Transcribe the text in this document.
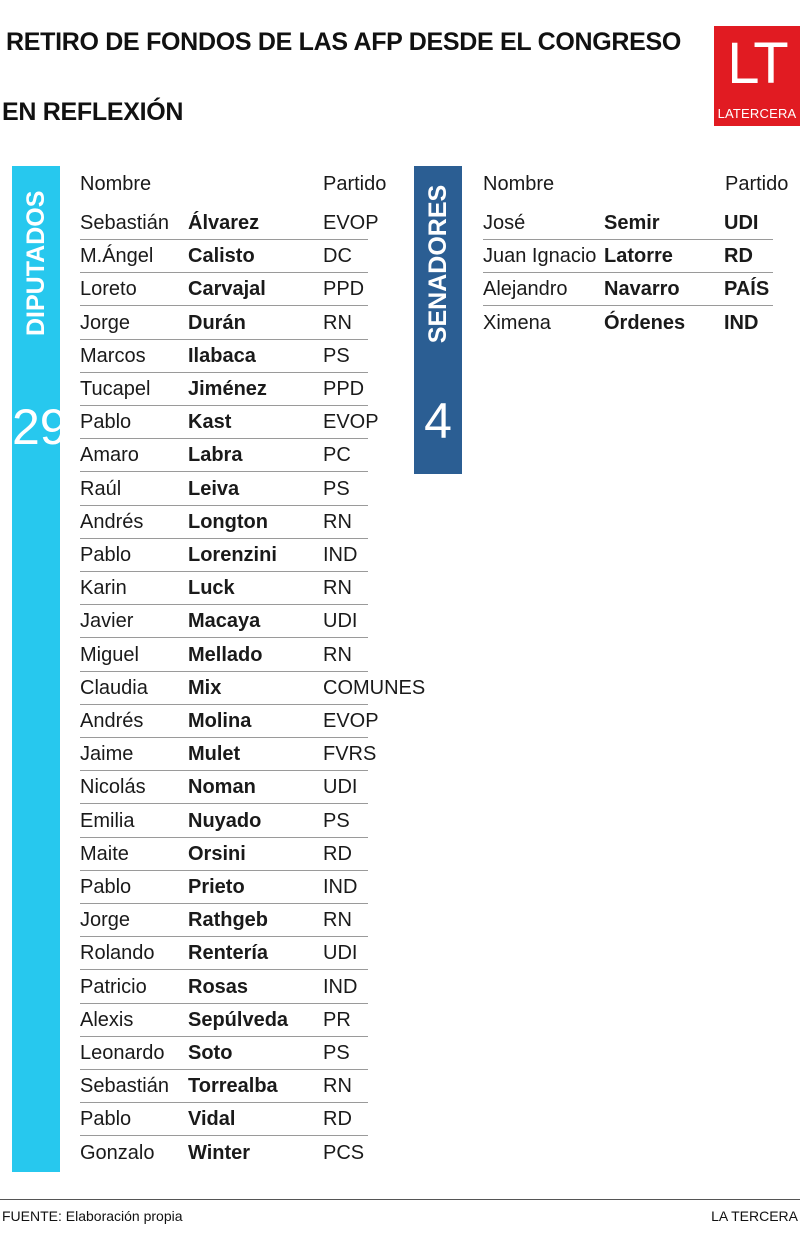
RETIRO DE FONDOS DE LAS AFP DESDE EL CONGRESO
EN REFLEXIÓN
LT
LATERCERA
DIPUTADOS
29
Nombre	Partido
Sebastián Álvarez	EVOP
M.Ángel Calisto	DC
Loreto	Carvajal	PPD
Jorge	Durán	RN
Marcos Ilabaca	PS
Tucapel Jiménez	PPD
Pablo	Kast	EVOP
Amaro Labra	PC
Raúl	Leiva	PS
Andrés Longton	RN
Pablo	Lorenzini IND
Karin	Luck	RN
Javier	Macaya	UDI
Miguel Mellado	RN
Claudia Mix	COMUNES
Andrés Molina	EVOP
Jaime	Mulet	FVRS
Nicolás Noman	UDI
Emilia	Nuyado	PS
Maite	Orsini	RD
Pablo	Prieto	IND
Jorge	Rathgeb	RN
Rolando Rentería	UDI
Patricio Rosas	IND
Alexis	Sepúlveda PR
Leonardo Soto	PS
Sebastián Torrealba RN
Pablo	Vidal	RD
Gonzalo Winter	PCS
SENADORES
4
Nombre	Partido
José	Semir	UDI
Juan Ignacio Latorre	RD
Alejandro Navarro PAÍS
Ximena	Órdenes IND
FUENTE: Elaboración propia	LA TERCERA
